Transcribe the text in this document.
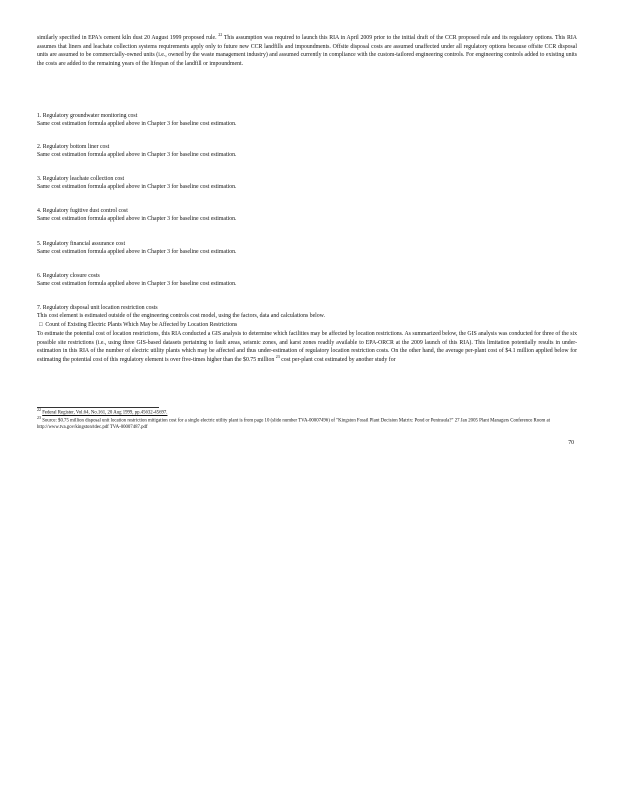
similarly specified in EPA's cement kiln dust 20 August 1999 proposed rule. $^{22}$ This assumption was required to launch this RIA in April 2009 prior to the initial draft of the CCR proposed rule and its regulatory options. This RIA assumes that liners and leachate collection systems requirements apply only to future new CCR landfills and impoundments. Offsite disposal costs are assumed unaffected under all regulatory options because offsite CCR disposal units are assumed to be commercially-owned units (i.e., owned by the waste management industry) and assumed currently in compliance with the custom-tailored engineering controls. For engineering controls added to existing units the costs are added to the remaining years of the lifespan of the landfill or impoundment.

1. Regulatory groundwater monitoring cost
Same cost estimation formula applied above in Chapter 3 for baseline cost estimation.
2. Regulatory bottom liner cost
Same cost estimation formula applied above in Chapter 3 for baseline cost estimation.
3. Regulatory leachate collection cost
Same cost estimation formula applied above in Chapter 3 for baseline cost estimation.
4. Regulatory fugitive dust control cost
Same cost estimation formula applied above in Chapter 3 for baseline cost estimation.
5. Regulatory financial assurance cost
Same cost estimation formula applied above in Chapter 3 for baseline cost estimation.
6. Regulatory closure costs
Same cost estimation formula applied above in Chapter 3 for baseline cost estimation.
7. Regulatory disposal unit location restriction costs
This cost element is estimated outside of the engineering controls cost model, using the factors, data and calculations below.
□ Count of Existing Electric Plants Which May be Affected by Location Restrictions

To estimate the potential cost of location restrictions, this RIA conducted a GIS analysis to determine which facilities may be affected by location restrictions. As summarized below, the GIS analysis was conducted for three of the six possible site restrictions (i.e., using three GIS-based datasets pertaining to fault areas, seismic zones, and karst zones readily available to EPA-ORCR at the 2009 launch of this RIA). This limitation potentially results in under-estimation in this RIA of the number of electric utility plants which may be affected and thus under-estimation of regulatory location restriction costs. On the other hand, the average per-plant cost of $4.1 million applied below for estimating the potential cost of this regulatory element is over five-times higher than the $0.75 million $^{23}$ cost per-plant cost estimated by another study for

$^{22}$ Federal Register, Vol.64, No.161, 20 Aug 1999, pp.45632-45697.
$^{23}$ Source: $0.75 million disposal unit location restriction mitigation cost for a single electric utility plant is from page 10 (slide number TVA-00007496) of "Kingston Fossil Plant Decision Matrix: Pond or Peninsula?" 27 Jan 2005 Plant Managers Conference Room at http://www.tva.gov/kingston/tdec.pdf TVA-00007487.pdf
70
